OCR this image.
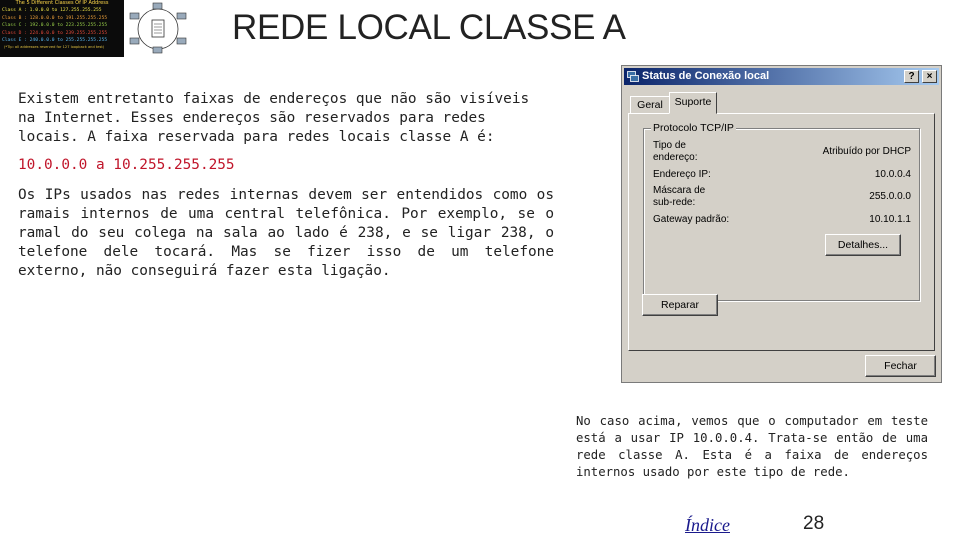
The 5 Different Classes Of IP Address
Class A : 1.0.0.0 to 127.255.255.255
Class B : 128.0.0.0 to 191.255.255.255
Class C : 192.0.0.0 to 223.255.255.255
Class D : 224.0.0.0 to 239.255.255.255
Class E : 240.0.0.0 to 255.255.255.255
(*Tip: all addresses reserved for 127 loopback and test)	REDE LOCAL CLASSE A

Existem entretanto faixas de endereços que não são visíveis na Internet. Esses endereços são reservados para redes locais. A faixa reservada para redes locais classe A é:

10.0.0.0 a 10.255.255.255

Os IPs usados nas redes internas devem ser entendidos como os ramais internos de uma central telefônica. Por exemplo, se o ramal do seu colega na sala ao lado é 238, e se ligar 238, o telefone dele tocará. Mas se fizer isso de um telefone externo, não conseguirá fazer esta ligação.

Status de Conexão local	?	×
Geral	Suporte
Protocolo TCP/IP
Tipo de
endereço:
Atribuído por DHCP
Endereço IP:	10.0.0.4
Máscara de
sub-rede:
255.0.0.0
Gateway padrão:	10.10.1.1
Detalhes...
Reparar
Fechar

No caso acima, vemos que o computador em teste está a usar IP 10.0.0.4. Trata-se então de uma rede classe A. Esta é a faixa de endereços internos usado por este tipo de rede.

Índice	28
